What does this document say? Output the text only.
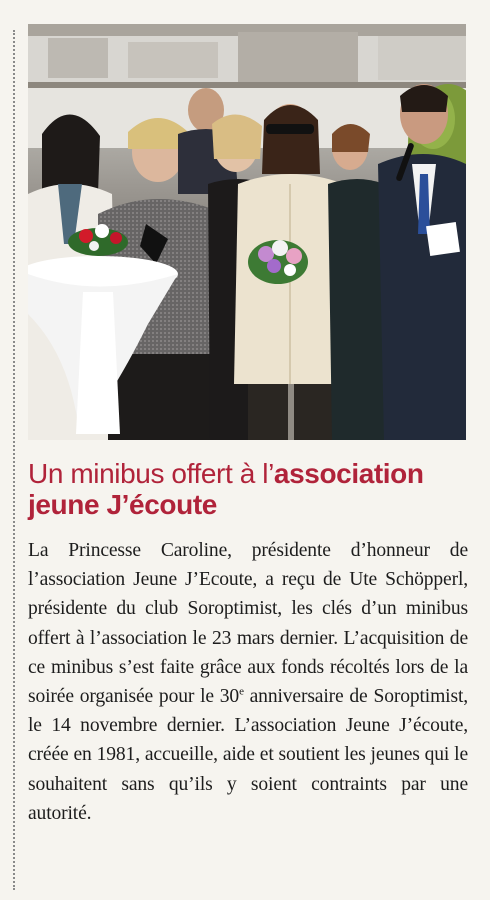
Un minibus offert à l’association
jeune J’écoute
La Princesse Caroline, présidente d’honneur de l’association Jeune J’Ecoute, a reçu de Ute Schöpperl, présidente du club Soroptimist, les clés d’un minibus offert à l’association le 23 mars dernier. L’acquisition de ce minibus s’est faite grâce aux fonds récoltés lors de la soirée organisée pour le 30e anniversaire de Soroptimist, le 14 novembre dernier. L’association Jeune J’écoute, créée en 1981, accueille, aide et soutient les jeunes qui le souhaitent sans qu’ils y soient contraints par une autorité.
